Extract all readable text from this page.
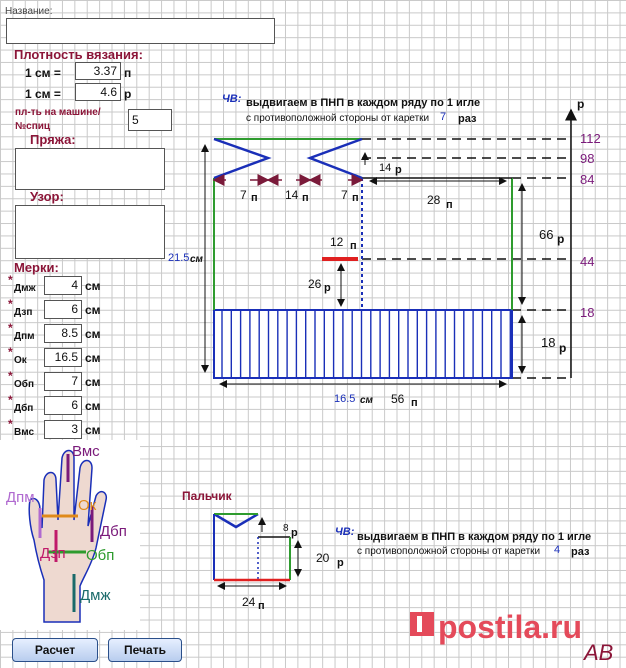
Название:
Плотность вязания:
1 см =	3.37 п
1 см =	4.6 р
пл-ть на машине/ №спиц	5
Пряжа:
Узор:
Мерки:
*
Дмж	4 см
*
Дзп	6 см
*
Дпм	8.5 см
*
Ок	16.5 см
*
Обп	7 см
*
Дбп	6 см
*
Вмс	3 см
Вмс
Дпм	Ок
Дбп
Дзп Обп
Дмж
ЧВ: выдвигаем в ПНП в каждом ряду по 1 игле
с противоположной стороны от каретки 7 раз
р
112
98
84
44
18
7 п 14 п	7 п
14 р
28 п
12 п
26 р
66 р
18 р
21.5 см
16.5 см 56 п
Пальчик
8 р
20 р
24 п
ЧВ: выдвигаем в ПНП в каждом ряду по 1 игле
с противоположной стороны от каретки 4 раз
postila.ru
AB
Расчет	Печать
